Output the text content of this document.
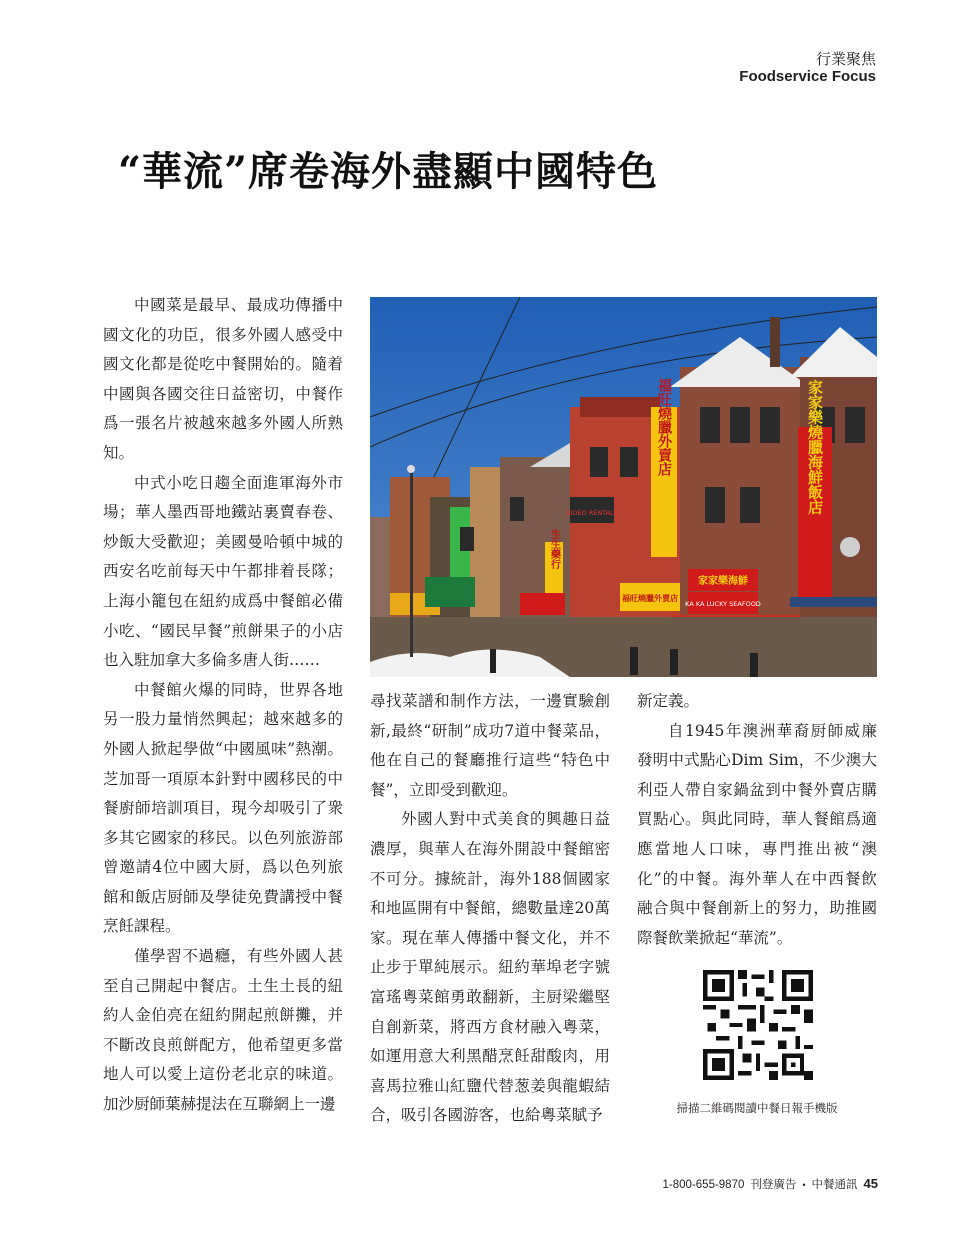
行業聚焦
Foodservice Focus
“華流”席卷海外盡顯中國特色

中國菜是最早、最成功傳播中國文化的功臣，很多外國人感受中國文化都是從吃中餐開始的。隨着中國與各國交往日益密切，中餐作爲一張名片被越來越多外國人所熟知。

中式小吃日趨全面進軍海外市場；華人墨西哥地鐵站裏賣春卷、炒飯大受歡迎；美國曼哈頓中城的西安名吃前每天中午都排着長隊；上海小籠包在紐約成爲中餐館必備小吃、“國民早餐”煎餅果子的小店也入駐加拿大多倫多唐人街……

中餐館火爆的同時，世界各地另一股力量悄然興起；越來越多的外國人掀起學做“中國風味”熱潮。芝加哥一項原本針對中國移民的中餐廚師培訓項目，現今却吸引了衆多其它國家的移民。以色列旅游部曾邀請4位中國大厨，爲以色列旅館和飯店厨師及學徒免費講授中餐烹飪課程。

僅學習不過癮，有些外國人甚至自己開起中餐店。土生土長的紐約人金伯亮在紐約開起煎餅攤，并不斷改良煎餅配方，他希望更多當地人可以愛上這份老北京的味道。加沙厨師葉赫提法在互聯網上一邊

福旺燒臘外賣店
生生藥行
家家樂燒臘海鮮飯店
家家樂海鮮
KA KA LUCKY SEAFOOD
福旺燒臘外賣店
VIDEO RENTALS

尋找菜譜和制作方法，一邊實驗創新,最終“研制”成功7道中餐菜品，他在自己的餐廳推行這些“特色中餐”，立即受到歡迎。

外國人對中式美食的興趣日益濃厚，與華人在海外開設中餐館密不可分。據統計，海外188個國家和地區開有中餐館，總數量達20萬家。現在華人傳播中餐文化，并不止步于單純展示。紐約華埠老字號富瑤粵菜館勇敢翻新，主厨梁繼堅自創新菜，將西方食材融入粵菜，如運用意大利黑醋烹飪甜酸肉，用喜馬拉雅山紅鹽代替葱姜與龍蝦結合，吸引各國游客，也給粵菜賦予

新定義。

自1945年澳洲華裔厨師威廉發明中式點心Dim Sim，不少澳大利亞人帶自家鍋盆到中餐外賣店購買點心。與此同時，華人餐館爲適應當地人口味，專門推出被“澳化”的中餐。海外華人在中西餐飲融合與中餐創新上的努力，助推國際餐飲業掀起“華流”。

掃描二維碼閱讀中餐日報手機版
1-800-655-9870 刊登廣告 • 中餐通訊 45
